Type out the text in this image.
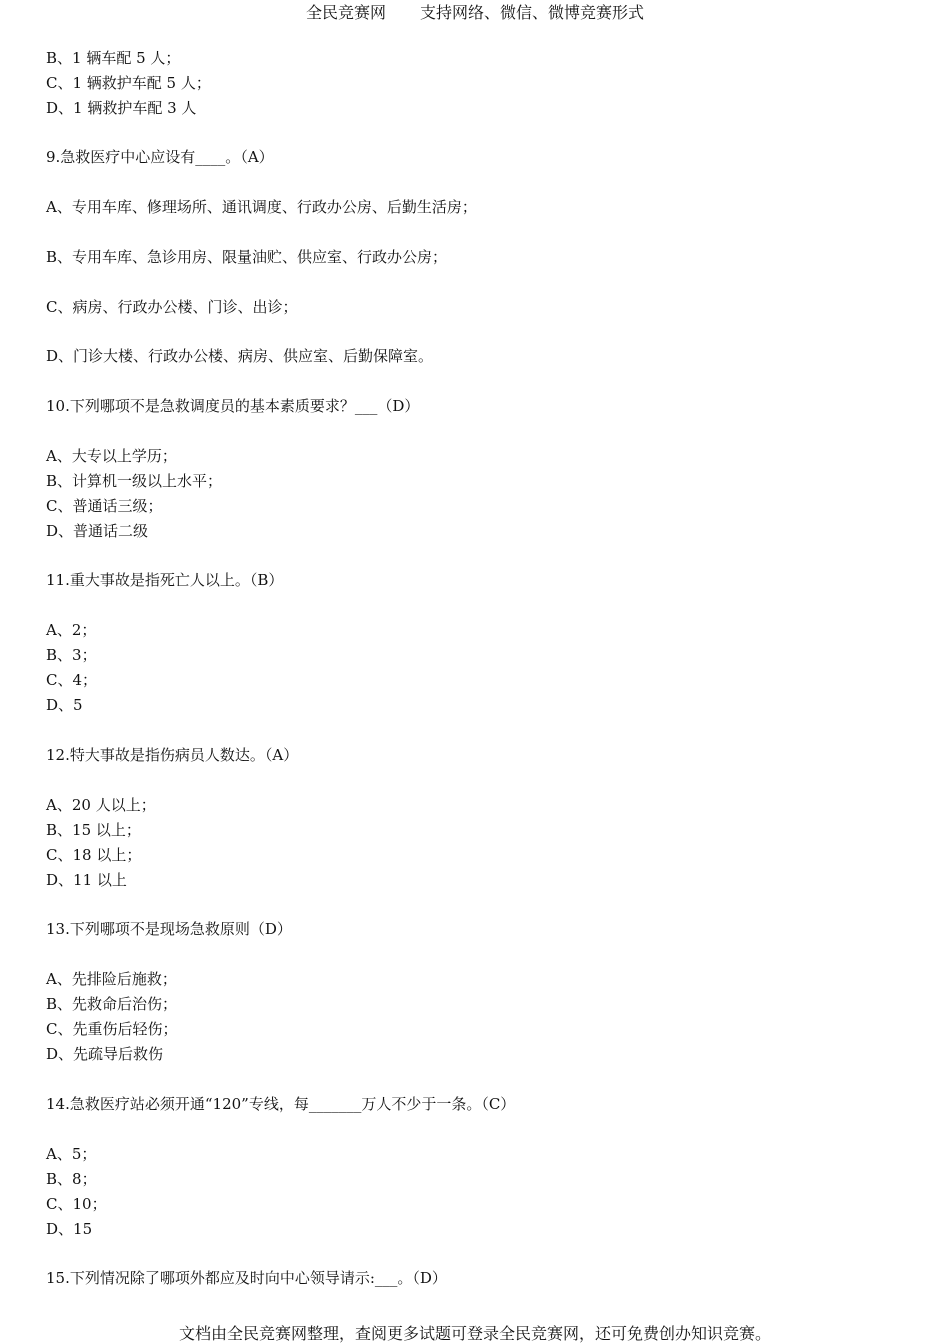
全民竞赛网 支持网络、微信、微博竞赛形式
B、1 辆车配 5 人；
C、1 辆救护车配 5 人；
D、1 辆救护车配 3 人
9.急救医疗中心应设有____。（A）
A、专用车库、修理场所、通讯调度、行政办公房、后勤生活房；
B、专用车库、急诊用房、限量油贮、供应室、行政办公房；
C、病房、行政办公楼、门诊、出诊；
D、门诊大楼、行政办公楼、病房、供应室、后勤保障室。
10.下列哪项不是急救调度员的基本素质要求？___（D）
A、大专以上学历；
B、计算机一级以上水平；
C、普通话三级；
D、普通话二级
11.重大事故是指死亡人以上。（B）
A、2；
B、3；
C、4；
D、5
12.特大事故是指伤病员人数达。（A）
A、20 人以上；
B、15 以上；
C、18 以上；
D、11 以上
13.下列哪项不是现场急救原则（D）
A、先排险后施救；
B、先救命后治伤；
C、先重伤后轻伤；
D、先疏导后救伤
14.急救医疗站必须开通“120”专线，每_______万人不少于一条。（C）
A、5；
B、8；
C、10；
D、15
15.下列情况除了哪项外都应及时向中心领导请示:___。（D）
文档由全民竞赛网整理，查阅更多试题可登录全民竞赛网，还可免费创办知识竞赛。
